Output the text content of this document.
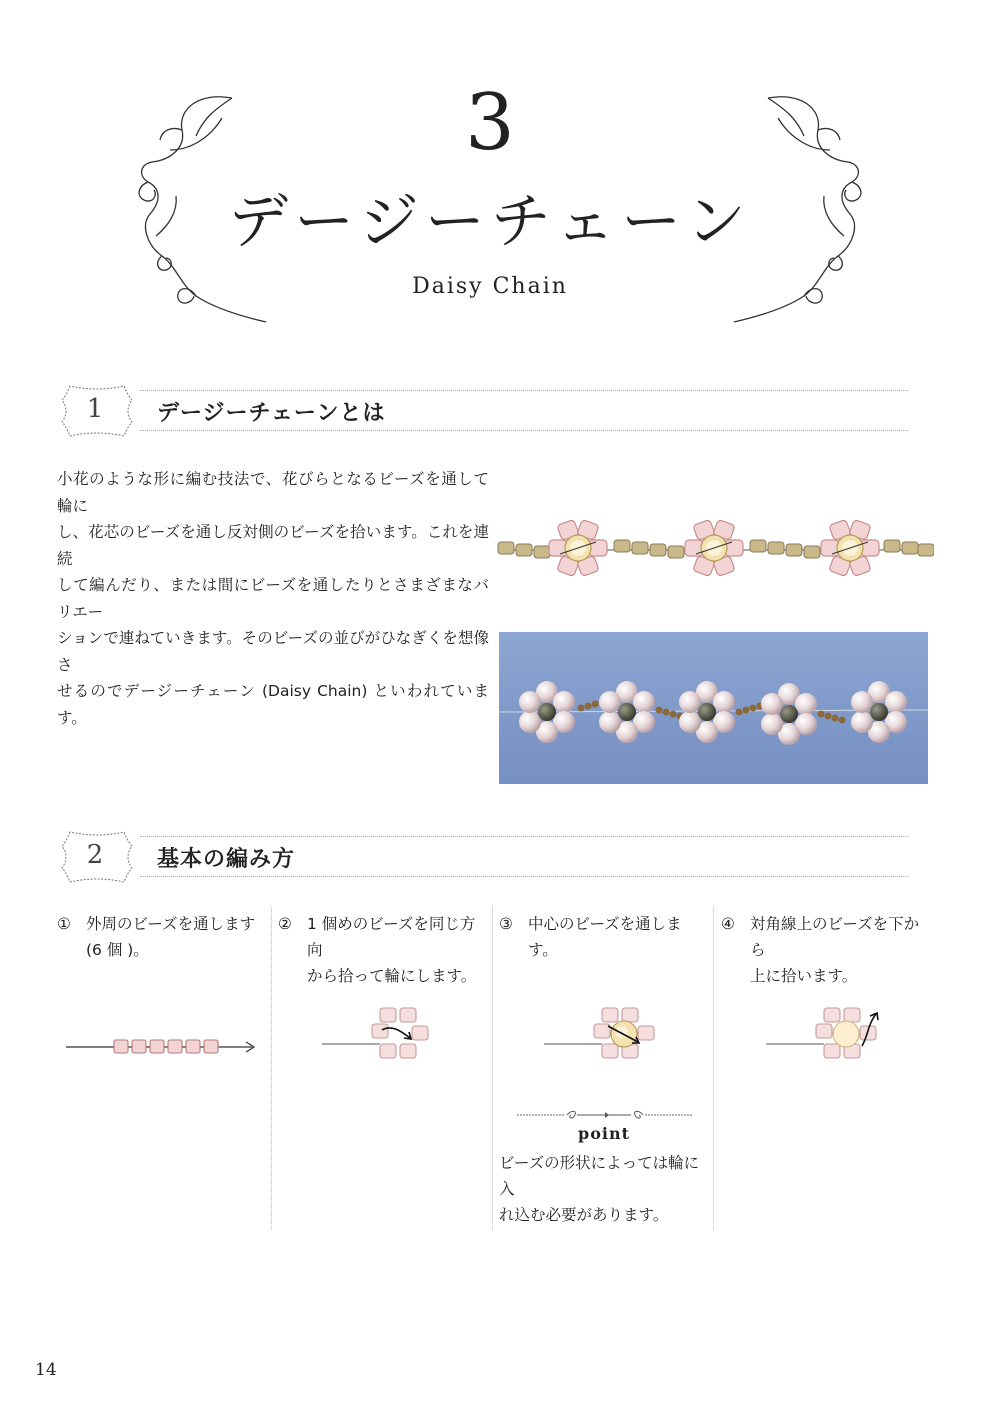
3
デージーチェーン
Daisy Chain
1	デージーチェーンとは
小花のような形に編む技法で、花びらとなるビーズを通して輪に
し、花芯のビーズを通し反対側のビーズを拾います。これを連続
して編んだり、または間にビーズを通したりとさまざまなバリエー
ションで連ねていきます。そのビーズの並びがひなぎくを想像さ
せるのでデージーチェーン (Daisy Chain) といわれています。
2	基本の編み方
① 外周のビーズを通します
(6 個 )。
② 1 個めのビーズを同じ方向
から拾って輪にします。
③ 中心のビーズを通します。
④ 対角線上のビーズを下から
上に拾います。
point
ビーズの形状によっては輪に入
れ込む必要があります。
14
